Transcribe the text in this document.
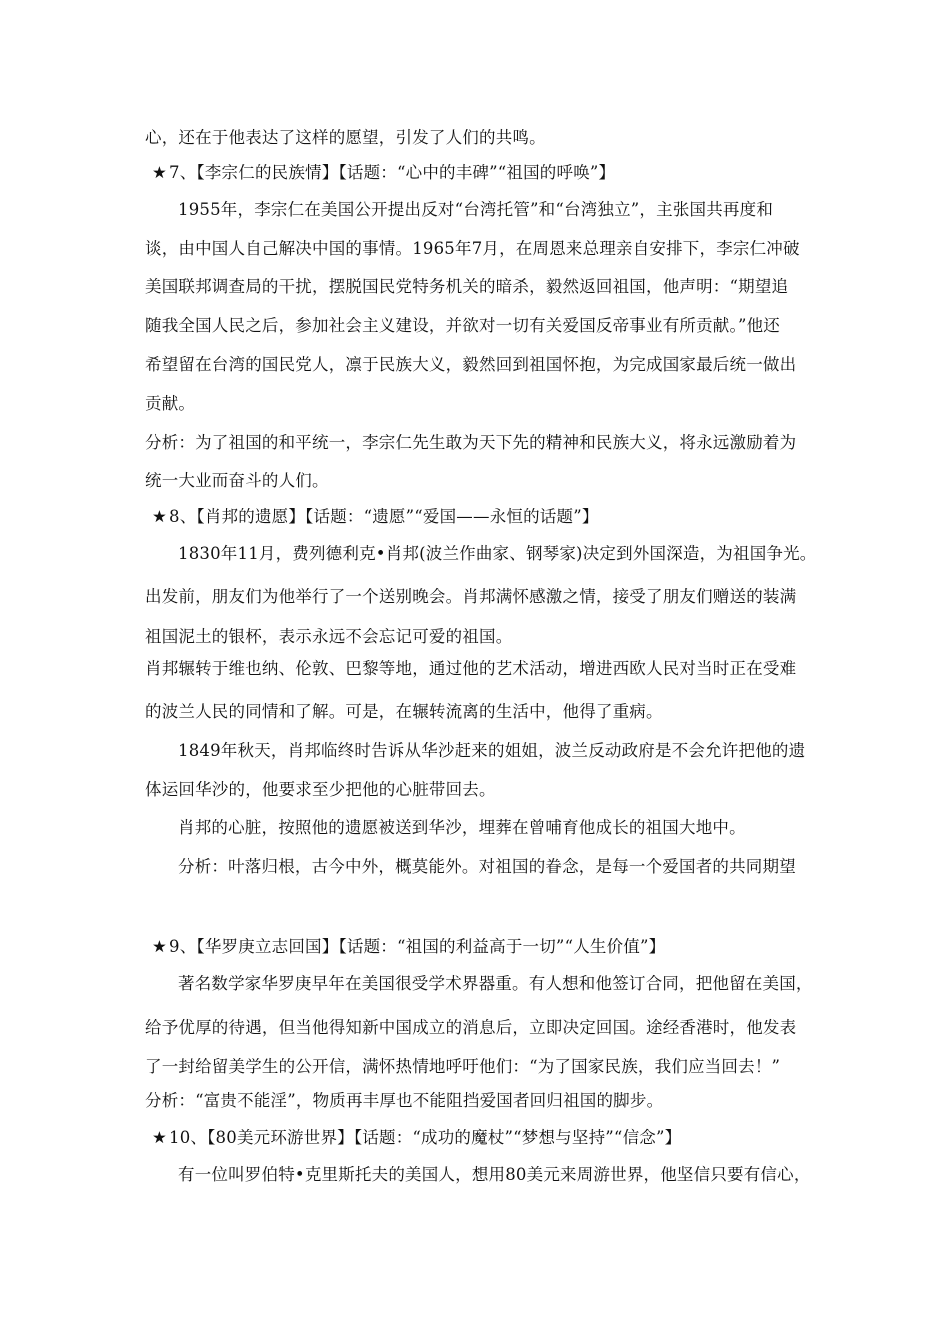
心，还在于他表达了这样的愿望，引发了人们的共鸣。
★ 7、【李宗仁的民族情】【话题：“心中的丰碑”“祖国的呼唤”】
1955年，李宗仁在美国公开提出反对“台湾托管”和“台湾独立”，主张国共再度和
谈，由中国人自己解决中国的事情。1965年7月，在周恩来总理亲自安排下，李宗仁冲破
美国联邦调查局的干扰，摆脱国民党特务机关的暗杀，毅然返回祖国，他声明：“期望追
随我全国人民之后，参加社会主义建设，并欲对一切有关爱国反帝事业有所贡献。”他还
希望留在台湾的国民党人，凛于民族大义，毅然回到祖国怀抱，为完成国家最后统一做出
贡献。
分析：为了祖国的和平统一，李宗仁先生敢为天下先的精神和民族大义，将永远激励着为
统一大业而奋斗的人们。
★ 8、【肖邦的遗愿】【话题：“遗愿”“爱国——永恒的话题”】
1830年11月，费列德利克•肖邦(波兰作曲家、钢琴家)决定到外国深造，为祖国争光。
出发前，朋友们为他举行了一个送别晚会。肖邦满怀感激之情，接受了朋友们赠送的装满
祖国泥土的银杯，表示永远不会忘记可爱的祖国。
肖邦辗转于维也纳、伦敦、巴黎等地，通过他的艺术活动，增进西欧人民对当时正在受难
的波兰人民的同情和了解。可是，在辗转流离的生活中，他得了重病。
1849年秋天，肖邦临终时告诉从华沙赶来的姐姐，波兰反动政府是不会允许把他的遗
体运回华沙的，他要求至少把他的心脏带回去。
肖邦的心脏，按照他的遗愿被送到华沙，埋葬在曾哺育他成长的祖国大地中。
分析：叶落归根，古今中外，概莫能外。对祖国的眷念，是每一个爱国者的共同期望
★ 9、【华罗庚立志回国】【话题：“祖国的利益高于一切”“人生价值”】
著名数学家华罗庚早年在美国很受学术界器重。有人想和他签订合同，把他留在美国，
给予优厚的待遇，但当他得知新中国成立的消息后，立即决定回国。途经香港时，他发表
了一封给留美学生的公开信，满怀热情地呼吁他们：“为了国家民族，我们应当回去！”
分析：“富贵不能淫”，物质再丰厚也不能阻挡爱国者回归祖国的脚步。
★ 10、【80美元环游世界】【话题：“成功的魔杖”“梦想与坚持”“信念”】
有一位叫罗伯特•克里斯托夫的美国人，想用80美元来周游世界，他坚信只要有信心，
